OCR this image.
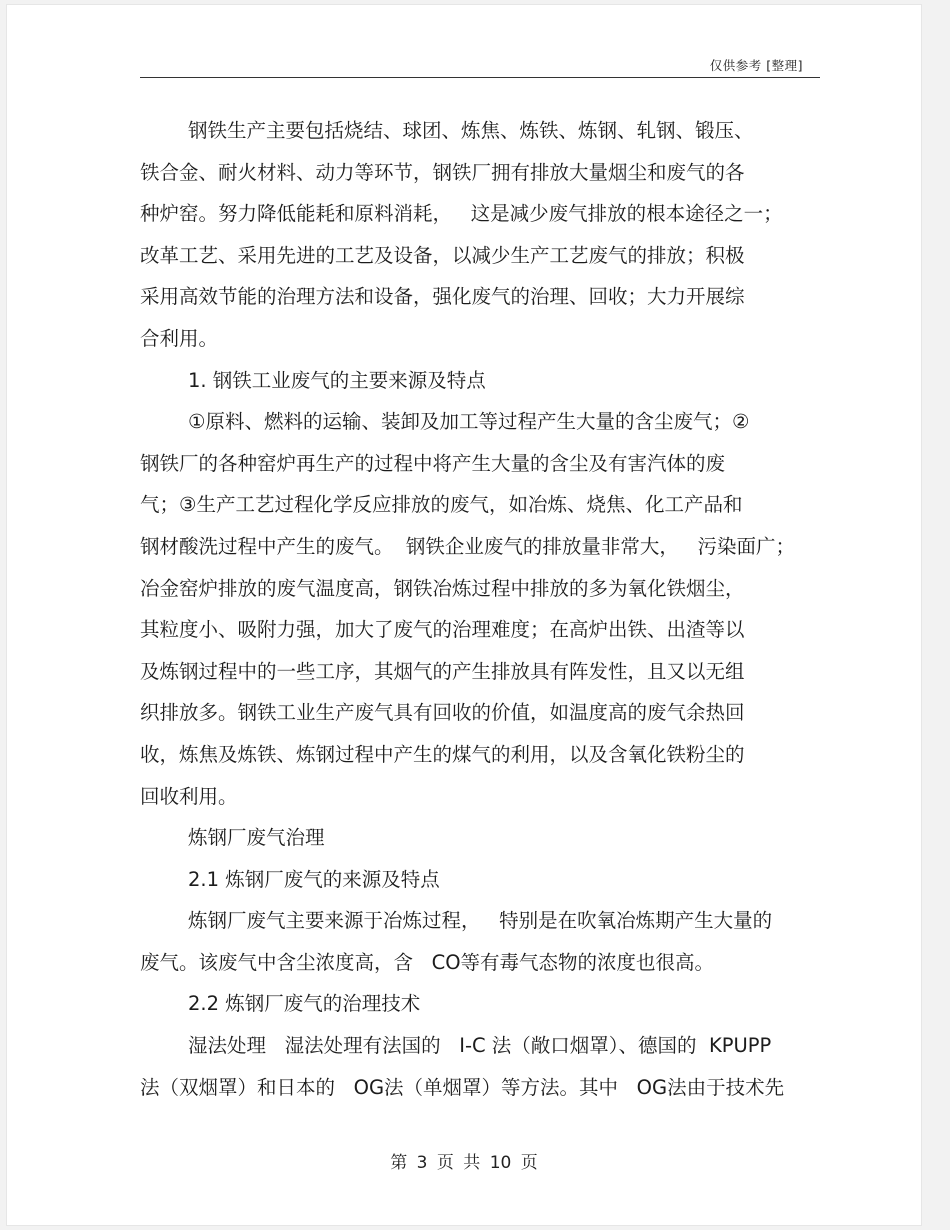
仅供参考 [整理]
钢铁生产主要包括烧结、球团、炼焦、炼铁、炼钢、轧钢、锻压、
铁合金、耐火材料、动力等环节，钢铁厂拥有排放大量烟尘和废气的各
种炉窑。努力降低能耗和原料消耗，   这是减少废气排放的根本途径之一；
改革工艺、采用先进的工艺及设备，以减少生产工艺废气的排放；积极
采用高效节能的治理方法和设备，强化废气的治理、回收；大力开展综
合利用。
1. 钢铁工业废气的主要来源及特点
①原料、燃料的运输、装卸及加工等过程产生大量的含尘废气；②
钢铁厂的各种窑炉再生产的过程中将产生大量的含尘及有害汽体的废
气；③生产工艺过程化学反应排放的废气，如冶炼、烧焦、化工产品和
钢材酸洗过程中产生的废气。  钢铁企业废气的排放量非常大，   污染面广；
冶金窑炉排放的废气温度高，钢铁冶炼过程中排放的多为氧化铁烟尘，
其粒度小、吸附力强，加大了废气的治理难度；在高炉出铁、出渣等以
及炼钢过程中的一些工序，其烟气的产生排放具有阵发性，且又以无组
织排放多。钢铁工业生产废气具有回收的价值，如温度高的废气余热回
收，炼焦及炼铁、炼钢过程中产生的煤气的利用，以及含氧化铁粉尘的
回收利用。
炼钢厂废气治理
2.1 炼钢厂废气的来源及特点
炼钢厂废气主要来源于冶炼过程，   特别是在吹氧冶炼期产生大量的
废气。该废气中含尘浓度高，含   CO等有毒气态物的浓度也很高。
2.2 炼钢厂废气的治理技术
湿法处理   湿法处理有法国的   I-C 法（敞口烟罩）、德国的  KPUPP
法（双烟罩）和日本的   OG法（单烟罩）等方法。其中   OG法由于技术先
第 3 页 共 10 页
